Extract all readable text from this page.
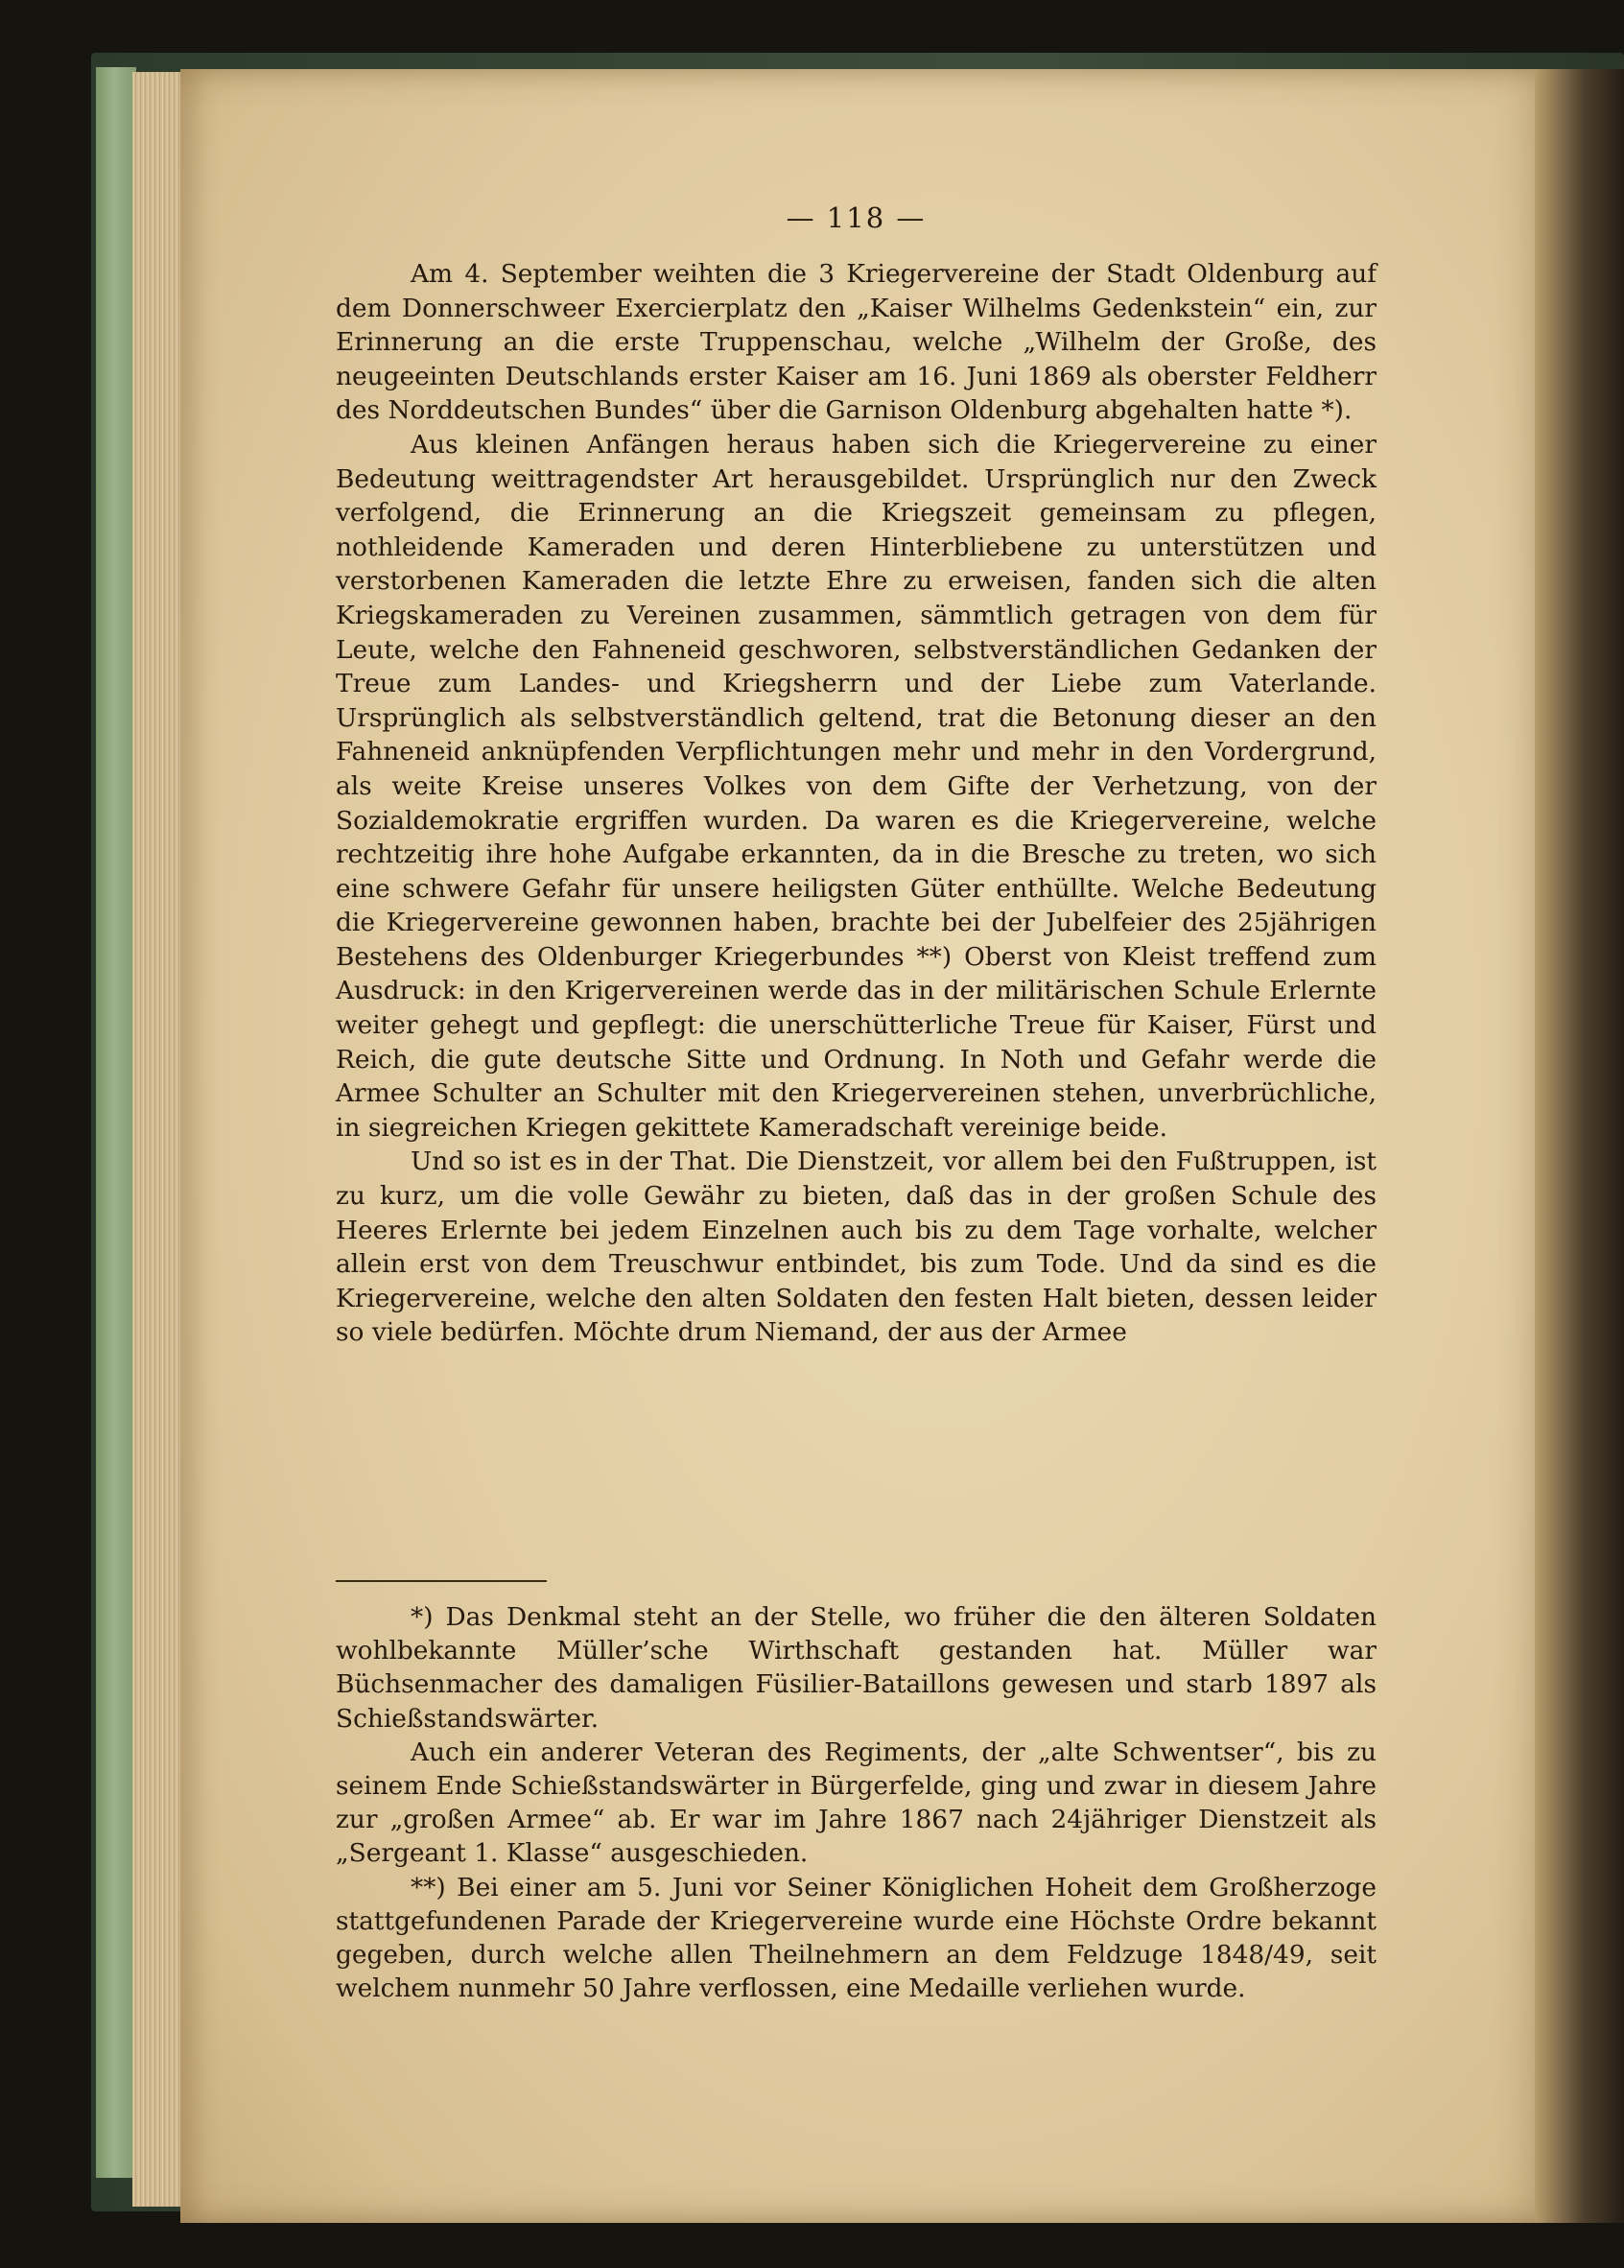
— 118 —

Am 4. September weihten die 3 Kriegervereine der Stadt Oldenburg auf dem Donnerschweer Exercierplatz den „Kaiser Wilhelms Gedenkstein“ ein, zur Erinnerung an die erste Truppenschau, welche „Wilhelm der Große, des neugeeinten Deutschlands erster Kaiser am 16. Juni 1869 als oberster Feldherr des Norddeutschen Bundes“ über die Garnison Oldenburg abgehalten hatte *).

Aus kleinen Anfängen heraus haben sich die Kriegervereine zu einer Bedeutung weittragendster Art herausgebildet. Ursprünglich nur den Zweck verfolgend, die Erinnerung an die Kriegszeit gemeinsam zu pflegen, nothleidende Kameraden und deren Hinterbliebene zu unterstützen und verstorbenen Kameraden die letzte Ehre zu erweisen, fanden sich die alten Kriegskameraden zu Vereinen zusammen, sämmtlich getragen von dem für Leute, welche den Fahneneid geschworen, selbstverständlichen Gedanken der Treue zum Landes- und Kriegsherrn und der Liebe zum Vaterlande. Ursprünglich als selbstverständlich geltend, trat die Betonung dieser an den Fahneneid anknüpfenden Verpflichtungen mehr und mehr in den Vordergrund, als weite Kreise unseres Volkes von dem Gifte der Verhetzung, von der Sozialdemokratie ergriffen wurden. Da waren es die Kriegervereine, welche rechtzeitig ihre hohe Aufgabe erkannten, da in die Bresche zu treten, wo sich eine schwere Gefahr für unsere heiligsten Güter enthüllte. Welche Bedeutung die Kriegervereine gewonnen haben, brachte bei der Jubelfeier des 25jährigen Bestehens des Oldenburger Kriegerbundes **) Oberst von Kleist treffend zum Ausdruck: in den Krigervereinen werde das in der militärischen Schule Erlernte weiter gehegt und gepflegt: die unerschütterliche Treue für Kaiser, Fürst und Reich, die gute deutsche Sitte und Ordnung. In Noth und Gefahr werde die Armee Schulter an Schulter mit den Kriegervereinen stehen, unverbrüchliche, in siegreichen Kriegen gekittete Kameradschaft vereinige beide.

Und so ist es in der That. Die Dienstzeit, vor allem bei den Fußtruppen, ist zu kurz, um die volle Gewähr zu bieten, daß das in der großen Schule des Heeres Erlernte bei jedem Einzelnen auch bis zu dem Tage vorhalte, welcher allein erst von dem Treuschwur entbindet, bis zum Tode. Und da sind es die Kriegervereine, welche den alten Soldaten den festen Halt bieten, dessen leider so viele bedürfen. Möchte drum Niemand, der aus der Armee

*) Das Denkmal steht an der Stelle, wo früher die den älteren Soldaten wohlbekannte Müller’sche Wirthschaft gestanden hat. Müller war Büchsenmacher des damaligen Füsilier-Bataillons gewesen und starb 1897 als Schießstandswärter.

Auch ein anderer Veteran des Regiments, der „alte Schwentser“, bis zu seinem Ende Schießstandswärter in Bürgerfelde, ging und zwar in diesem Jahre zur „großen Armee“ ab. Er war im Jahre 1867 nach 24jähriger Dienstzeit als „Sergeant 1. Klasse“ ausgeschieden.

**) Bei einer am 5. Juni vor Seiner Königlichen Hoheit dem Großherzoge stattgefundenen Parade der Kriegervereine wurde eine Höchste Ordre bekannt gegeben, durch welche allen Theilnehmern an dem Feldzuge 1848/49, seit welchem nunmehr 50 Jahre verflossen, eine Medaille verliehen wurde.
